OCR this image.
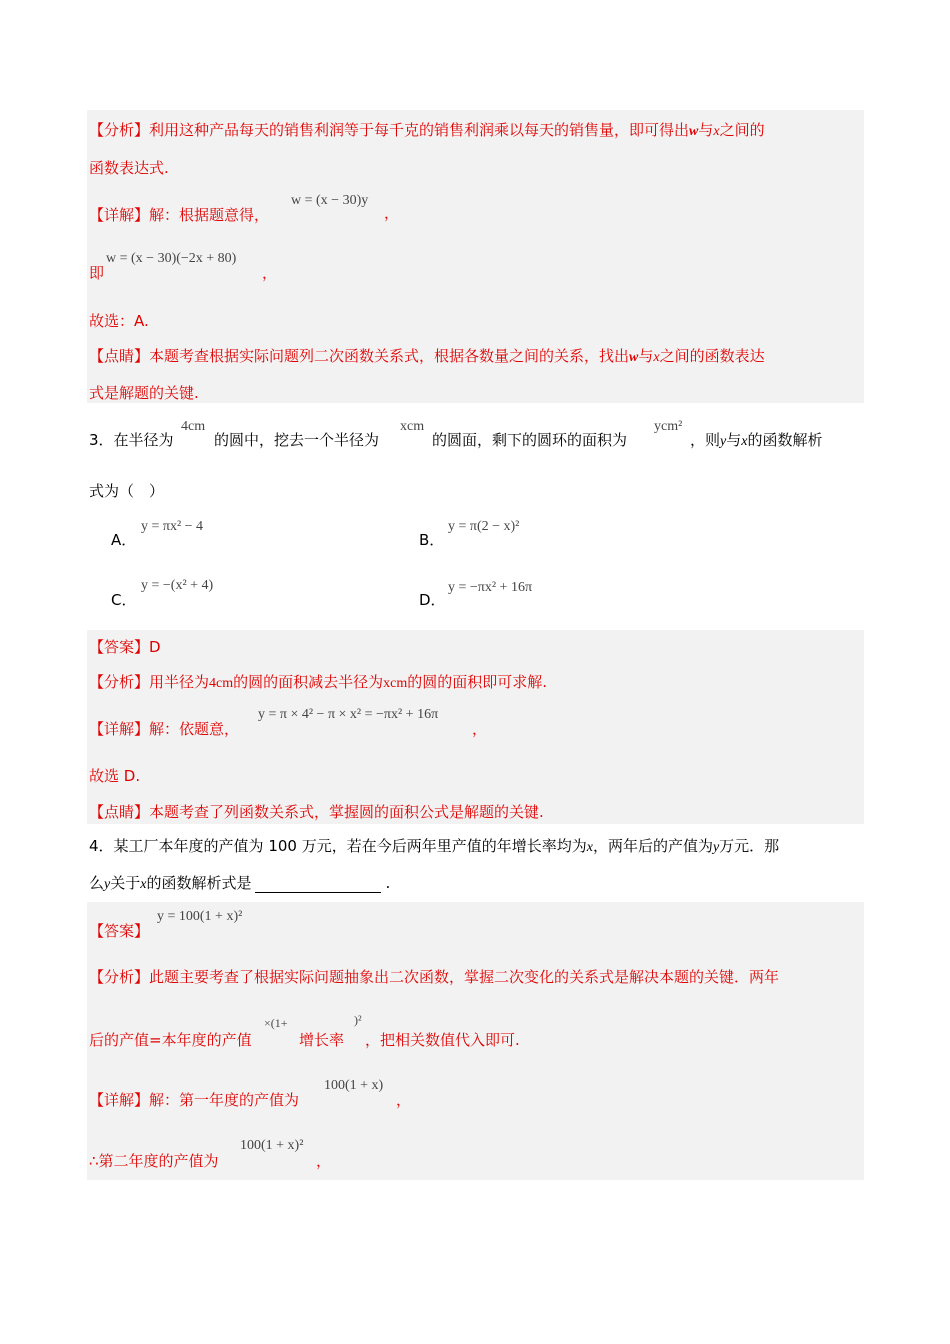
【分析】利用这种产品每天的销售利润等于每千克的销售利润乘以每天的销售量，即可得出w与x之间的
函数表达式.
【详解】解：根据题意得，
w = (x − 30)y
，
即
w = (x − 30)(−2x + 80)
，
故选：A.
【点睛】本题考查根据实际问题列二次函数关系式，根据各数量之间的关系，找出w与x之间的函数表达
式是解题的关键.
3．在半径为
4cm
的圆中，挖去一个半径为
xcm
的圆面，剩下的圆环的面积为
ycm²
，则y与x的函数解析
式为（　）
A．
y = πx² − 4
B．
y = π(2 − x)²
C．
y = −(x² + 4)
D．
y = −πx² + 16π
【答案】D
【分析】用半径为4cm的圆的面积减去半径为xcm的圆的面积即可求解.
【详解】解：依题意，
y = π × 4² − π × x² = −πx² + 16π
，
故选 D.
【点睛】本题考查了列函数关系式，掌握圆的面积公式是解题的关键.
4．某工厂本年度的产值为 100 万元，若在今后两年里产值的年增长率均为x，两年后的产值为y万元．那
么y关于x的函数解析式是	.
【答案】
y = 100(1 + x)²
【分析】此题主要考查了根据实际问题抽象出二次函数，掌握二次变化的关系式是解决本题的关键．两年
后的产值=本年度的产值
×(1+
增长率
)²
，把相关数值代入即可.
【详解】解：第一年度的产值为
100(1 + x)
，
∴第二年度的产值为
100(1 + x)²
，
